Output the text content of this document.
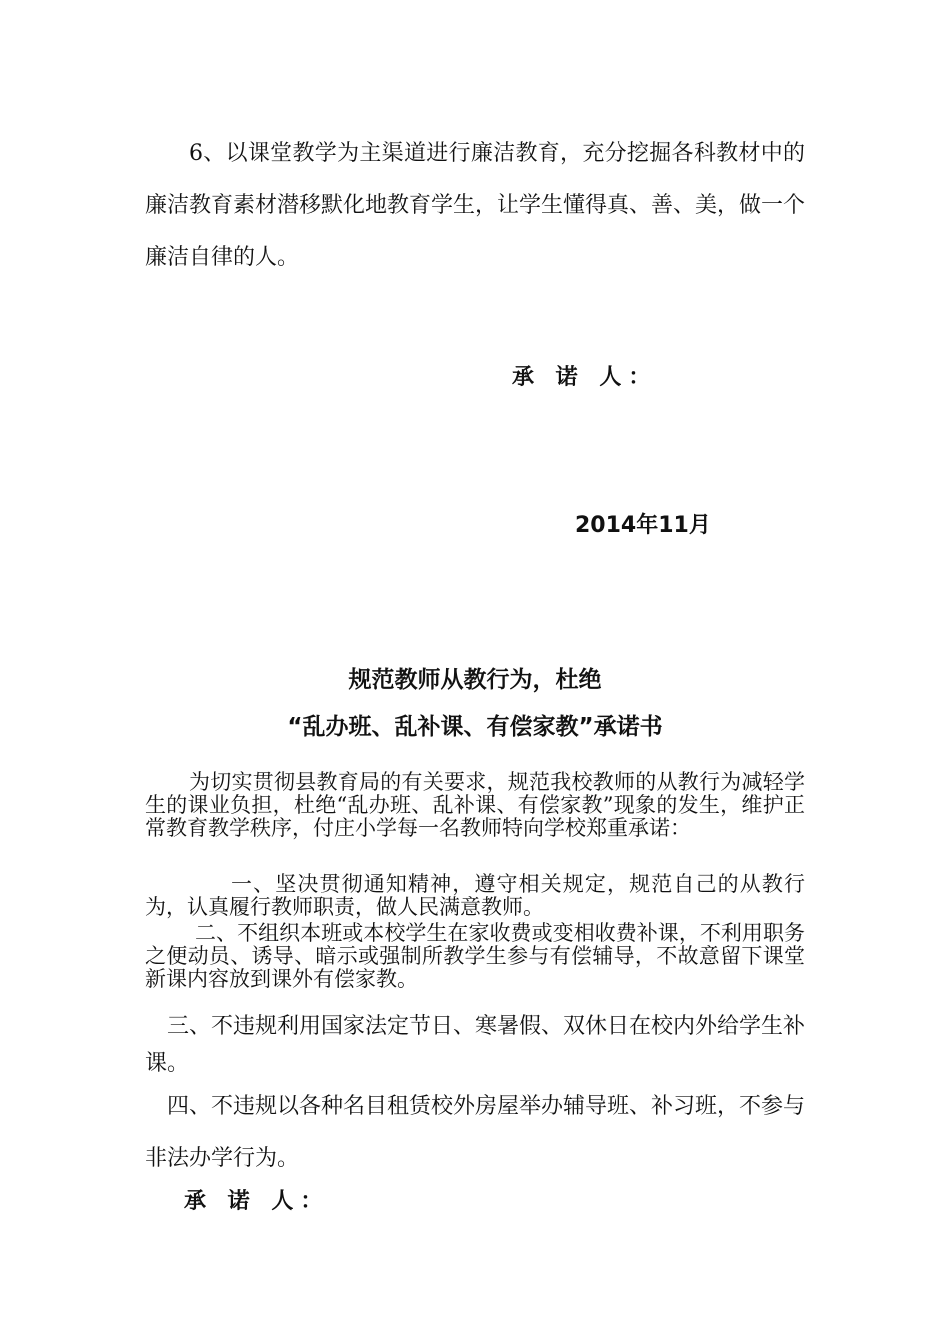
6、以课堂教学为主渠道进行廉洁教育，充分挖掘各科教材中的廉洁教育素材潜移默化地教育学生，让学生懂得真、善、美，做一个廉洁自律的人。

承 诺 人：
2014年11月
规范教师从教行为，杜绝
“乱办班、乱补课、有偿家教”承诺书

为切实贯彻县教育局的有关要求，规范我校教师的从教行为减轻学生的课业负担，杜绝“乱办班、乱补课、有偿家教”现象的发生，维护正常教育教学秩序，付庄小学每一名教师特向学校郑重承诺：

一、坚决贯彻通知精神，遵守相关规定，规范自己的从教行为，认真履行教师职责，做人民满意教师。

二、不组织本班或本校学生在家收费或变相收费补课，不利用职务之便动员、诱导、暗示或强制所教学生参与有偿辅导，不故意留下课堂新课内容放到课外有偿家教。

三、不违规利用国家法定节日、寒暑假、双休日在校内外给学生补课。

四、不违规以各种名目租赁校外房屋举办辅导班、补习班，不参与非法办学行为。

承 诺 人：
